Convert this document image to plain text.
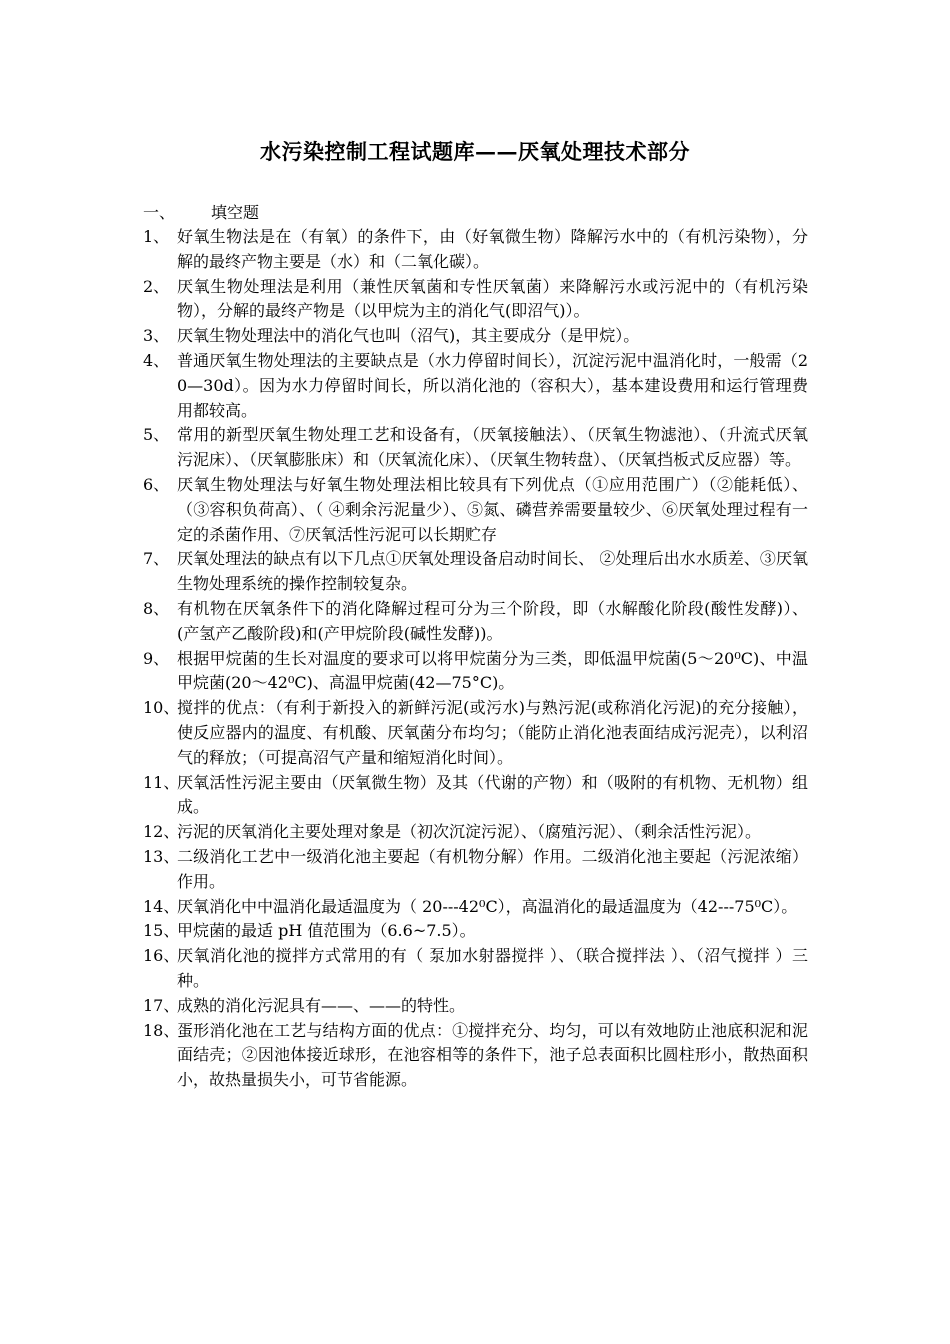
水污染控制工程试题库——厌氧处理技术部分
一、 填空题
1、 好氧生物法是在（有氧）的条件下，由（好氧微生物）降解污水中的（有机污染物），分解的最终产物主要是（水）和（二氧化碳）。
2、 厌氧生物处理法是利用（兼性厌氧菌和专性厌氧菌）来降解污水或污泥中的（有机污染物），分解的最终产物是（以甲烷为主的消化气(即沼气)）。
3、 厌氧生物处理法中的消化气也叫（沼气)，其主要成分（是甲烷）。
4、 普通厌氧生物处理法的主要缺点是（水力停留时间长），沉淀污泥中温消化时，一般需（20—30d）。因为水力停留时间长，所以消化池的（容积大），基本建设费用和运行管理费用都较高。
5、 常用的新型厌氧生物处理工艺和设备有，（厌氧接触法）、（厌氧生物滤池）、（升流式厌氧污泥床）、（厌氧膨胀床）和（厌氧流化床）、（厌氧生物转盘）、（厌氧挡板式反应器）等。
6、 厌氧生物处理法与好氧生物处理法相比较具有下列优点（①应用范围广）（②能耗低）、（③容积负荷高）、（ ④剩余污泥量少）、⑤氮、磷营养需要量较少、⑥厌氧处理过程有一定的杀菌作用、⑦厌氧活性污泥可以长期贮存
7、 厌氧处理法的缺点有以下几点①厌氧处理设备启动时间长、 ②处理后出水水质差、③厌氧生物处理系统的操作控制较复杂。
8、 有机物在厌氧条件下的消化降解过程可分为三个阶段，即（水解酸化阶段(酸性发酵)）、(产氢产乙酸阶段)和(产甲烷阶段(碱性发酵))。
9、 根据甲烷菌的生长对温度的要求可以将甲烷菌分为三类，即低温甲烷菌(5～20⁰C)、中温甲烷菌(20～42⁰C)、高温甲烷菌(42—75°C)。
10、
搅拌的优点：（有利于新投入的新鲜污泥(或污水)与熟污泥(或称消化污泥)的充分接触），使反应器内的温度、有机酸、厌氧菌分布均匀；（能防止消化池表面结成污泥壳），以利沼气的释放；（可提高沼气产量和缩短消化时间）。
11、
厌氧活性污泥主要由（厌氧微生物）及其（代谢的产物）和（吸附的有机物、无机物）组成。
12、
污泥的厌氧消化主要处理对象是（初次沉淀污泥）、（腐殖污泥）、（剩余活性污泥）。
13、
二级消化工艺中一级消化池主要起（有机物分解）作用。二级消化池主要起（污泥浓缩）作用。
14、
厌氧消化中中温消化最适温度为（ 20---42⁰C），高温消化的最适温度为（42---75⁰C）。
15、
甲烷菌的最适 pH 值范围为（6.6~7.5）。
16、
厌氧消化池的搅拌方式常用的有（ 泵加水射器搅拌 ）、（联合搅拌法 ）、（沼气搅拌 ）三种。
17、
成熟的消化污泥具有——、——的特性。
18、
蛋形消化池在工艺与结构方面的优点：①搅拌充分、均匀，可以有效地防止池底积泥和泥面结壳；②因池体接近球形，在池容相等的条件下，池子总表面积比圆柱形小，散热面积小，故热量损失小，可节省能源。
